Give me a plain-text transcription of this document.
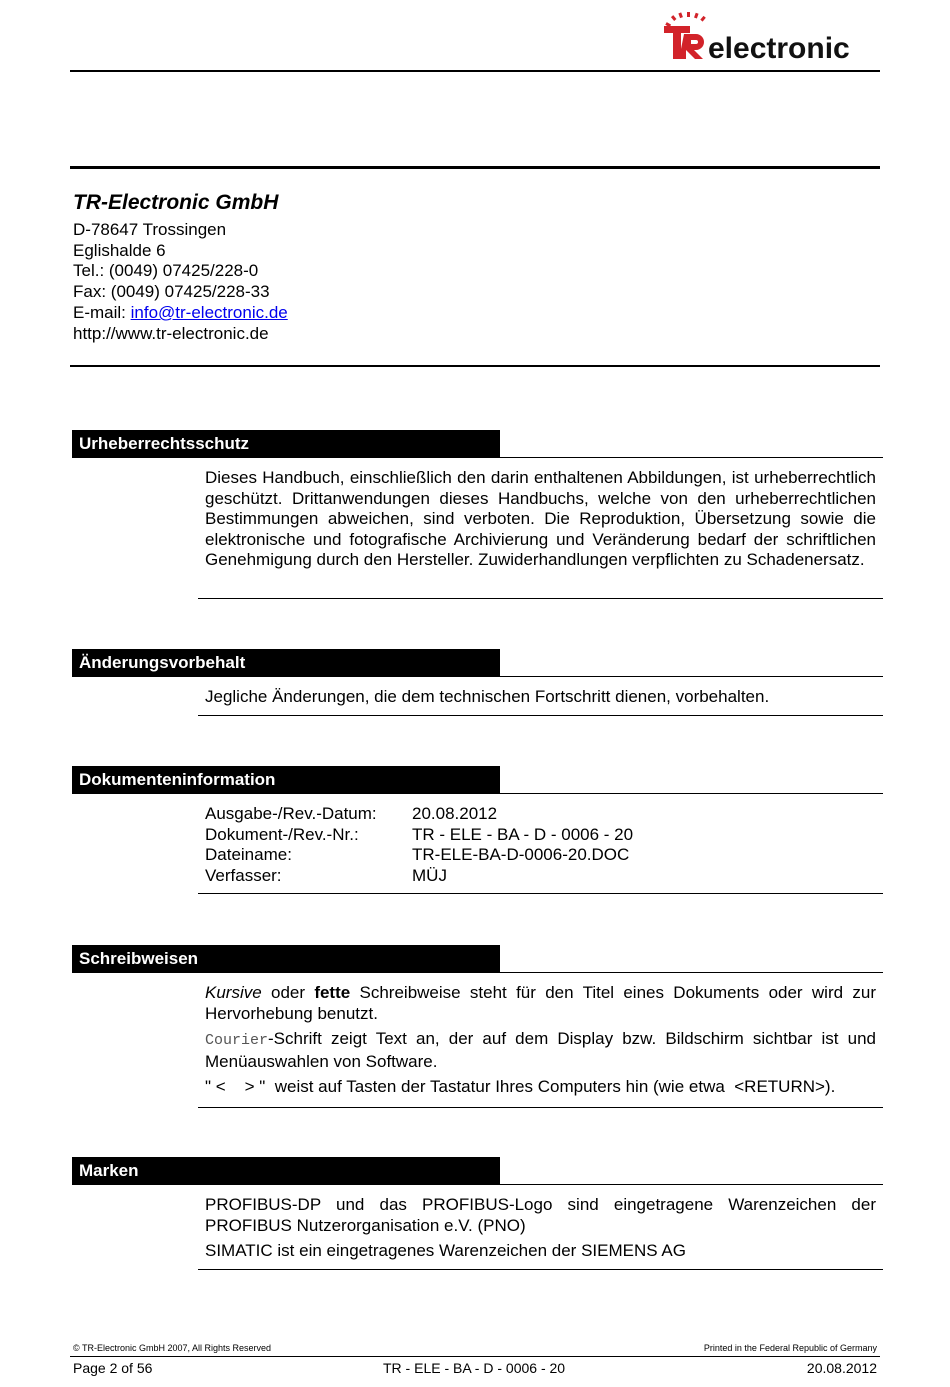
electronic
TR-Electronic GmbH
D-78647 Trossingen
Eglishalde 6
Tel.: (0049) 07425/228-0
Fax: (0049) 07425/228-33
E-mail: info@tr-electronic.de
http://www.tr-electronic.de
Urheberrechtsschutz

Dieses Handbuch, einschließlich den darin enthaltenen Abbildungen, ist urheberrechtlich geschützt. Drittanwendungen dieses Handbuchs, welche von den urheberrechtlichen Bestimmungen abweichen, sind verboten. Die Reproduktion, Übersetzung sowie die elektronische und fotografische Archivierung und Veränderung bedarf der schriftlichen Genehmigung durch den Hersteller. Zuwiderhandlungen verpflichten zu Schadenersatz.

Änderungsvorbehalt

Jegliche Änderungen, die dem technischen Fortschritt dienen, vorbehalten.

Dokumenteninformation
Ausgabe-/Rev.-Datum:	20.08.2012
Dokument-/Rev.-Nr.:	TR - ELE - BA - D - 0006 - 20
Dateiname:	TR-ELE-BA-D-0006-20.DOC
Verfasser:	MÜJ
Schreibweisen

Kursive oder fette Schreibweise steht für den Titel eines Dokuments oder wird zur Hervorhebung benutzt.

Courier-Schrift zeigt Text an, der auf dem Display bzw. Bildschirm sichtbar ist und Menüauswahlen von Software.

" <    > "  weist auf Tasten der Tastatur Ihres Computers hin (wie etwa  <RETURN>).

Marken

PROFIBUS-DP und das PROFIBUS-Logo sind eingetragene Warenzeichen der PROFIBUS Nutzerorganisation e.V. (PNO)

SIMATIC ist ein eingetragenes Warenzeichen der SIEMENS AG

© TR-Electronic GmbH 2007, All Rights Reserved	Printed in the Federal Republic of Germany
Page 2 of 56	TR - ELE - BA - D - 0006 - 20	20.08.2012
